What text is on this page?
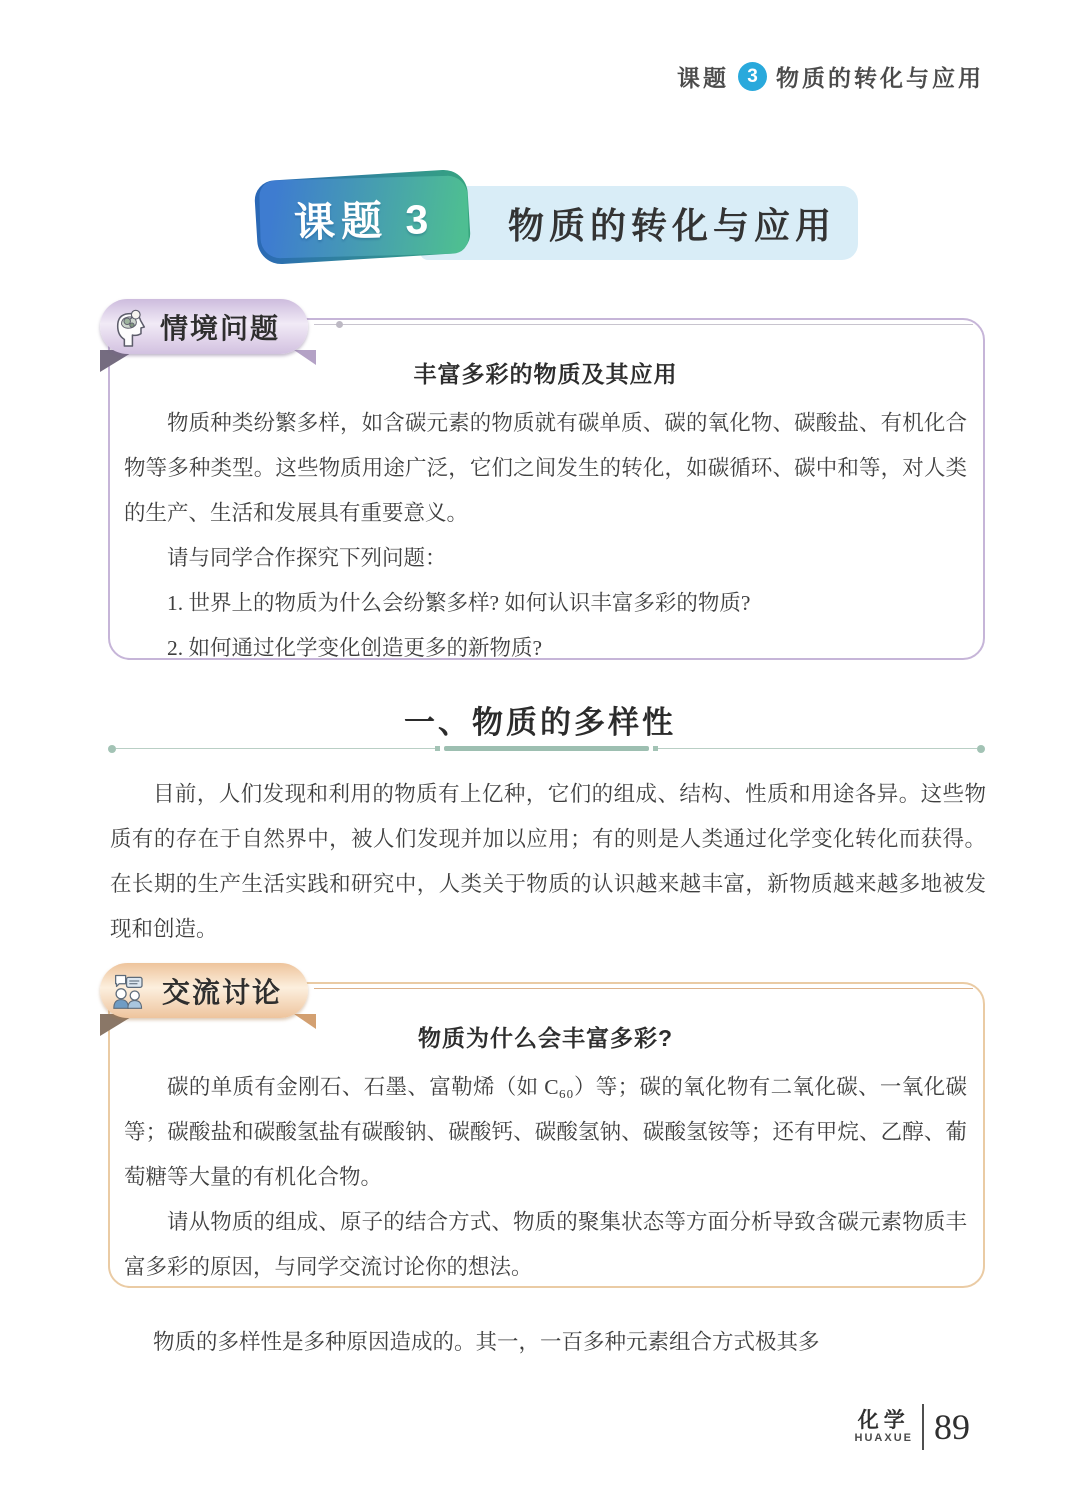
课题 3 物质的转化与应用
物质的转化与应用
课题 3
情境问题
丰富多彩的物质及其应用

物质种类纷繁多样，如含碳元素的物质就有碳单质、碳的氧化物、碳酸盐、有机化合物等多种类型。这些物质用途广泛，它们之间发生的转化，如碳循环、碳中和等，对人类的生产、生活和发展具有重要意义。

请与同学合作探究下列问题：

1. 世界上的物质为什么会纷繁多样? 如何认识丰富多彩的物质?

2. 如何通过化学变化创造更多的新物质?

一、物质的多样性

目前，人们发现和利用的物质有上亿种，它们的组成、结构、性质和用途各异。这些物质有的存在于自然界中，被人们发现并加以应用；有的则是人类通过化学变化转化而获得。在长期的生产生活实践和研究中，人类关于物质的认识越来越丰富，新物质越来越多地被发现和创造。

交流讨论
物质为什么会丰富多彩?

碳的单质有金刚石、石墨、富勒烯（如 C₆₀）等；碳的氧化物有二氧化碳、一氧化碳等；碳酸盐和碳酸氢盐有碳酸钠、碳酸钙、碳酸氢钠、碳酸氢铵等；还有甲烷、乙醇、葡萄糖等大量的有机化合物。

请从物质的组成、原子的结合方式、物质的聚集状态等方面分析导致含碳元素物质丰富多彩的原因，与同学交流讨论你的想法。

物质的多样性是多种原因造成的。其一，一百多种元素组合方式极其多

化学
HUAXUE 89
